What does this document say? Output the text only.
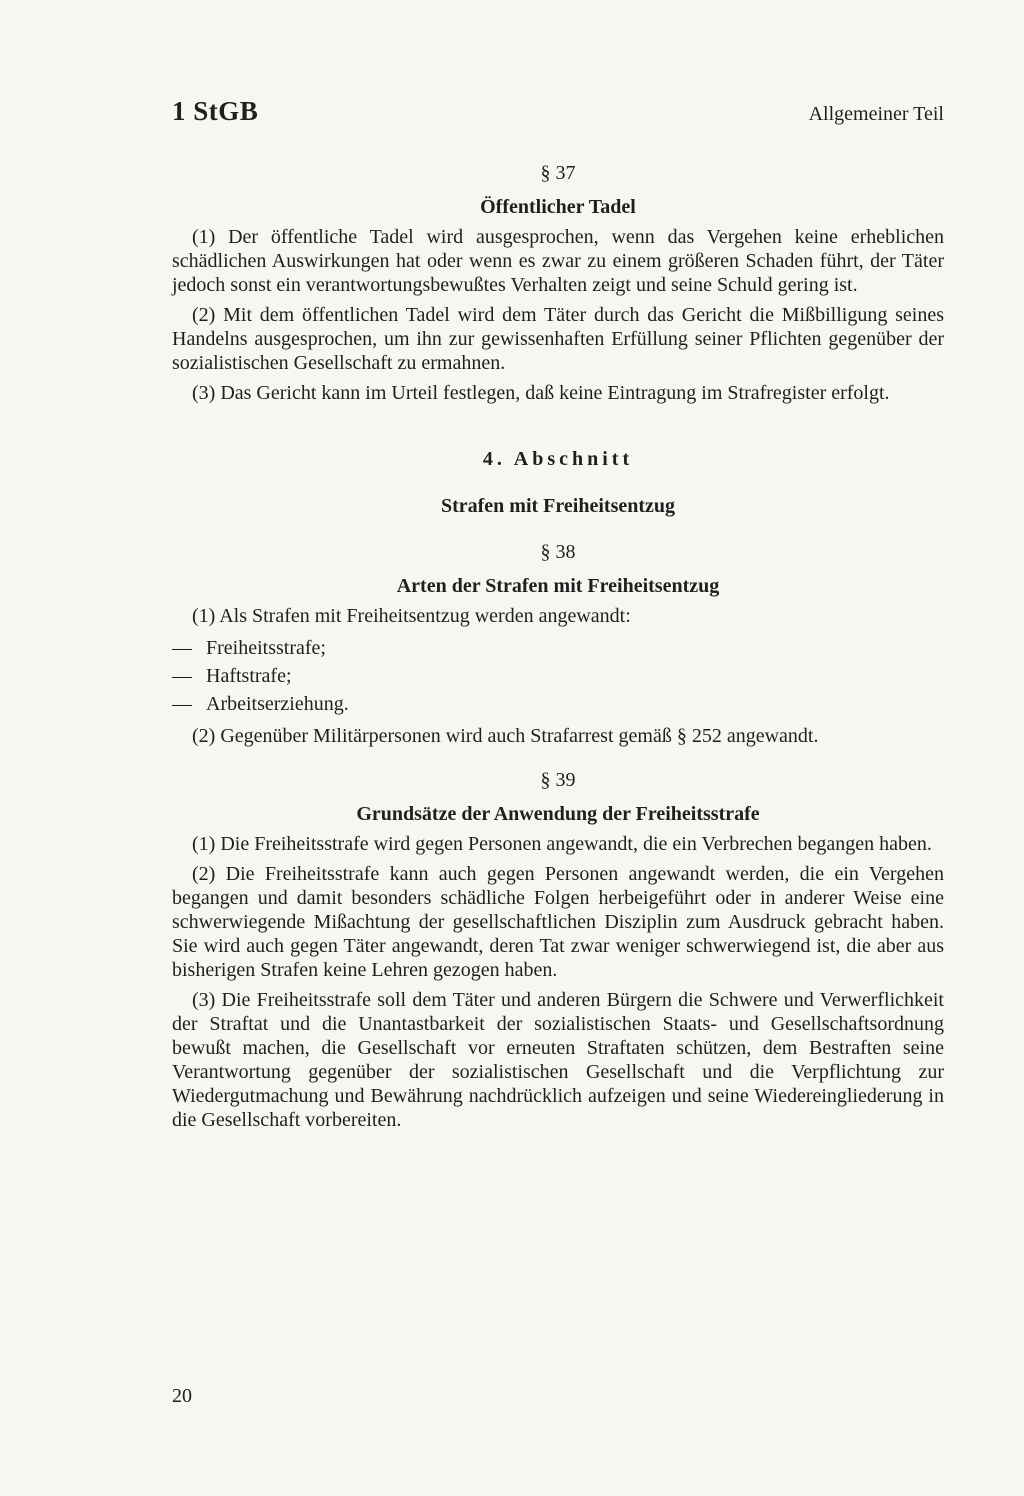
1 StGB	Allgemeiner Teil

§ 37

Öffentlicher Tadel

(1) Der öffentliche Tadel wird ausgesprochen, wenn das Vergehen keine erheblichen schädlichen Auswirkungen hat oder wenn es zwar zu einem größeren Schaden führt, der Täter jedoch sonst ein verantwortungsbewußtes Verhalten zeigt und seine Schuld gering ist.

(2) Mit dem öffentlichen Tadel wird dem Täter durch das Gericht die Mißbilligung seines Handelns ausgesprochen, um ihn zur gewissenhaften Erfüllung seiner Pflichten gegenüber der sozialistischen Gesellschaft zu ermahnen.

(3) Das Gericht kann im Urteil festlegen, daß keine Eintragung im Strafregister erfolgt.

4. Abschnitt

Strafen mit Freiheitsentzug

§ 38

Arten der Strafen mit Freiheitsentzug

(1) Als Strafen mit Freiheitsentzug werden angewandt:

— Freiheitsstrafe;
— Haftstrafe;
— Arbeitserziehung.

(2) Gegenüber Militärpersonen wird auch Strafarrest gemäß § 252 angewandt.

§ 39

Grundsätze der Anwendung der Freiheitsstrafe

(1) Die Freiheitsstrafe wird gegen Personen angewandt, die ein Verbrechen begangen haben.

(2) Die Freiheitsstrafe kann auch gegen Personen angewandt werden, die ein Vergehen begangen und damit besonders schädliche Folgen herbeigeführt oder in anderer Weise eine schwerwiegende Mißachtung der gesellschaftlichen Disziplin zum Ausdruck gebracht haben. Sie wird auch gegen Täter angewandt, deren Tat zwar weniger schwerwiegend ist, die aber aus bisherigen Strafen keine Lehren gezogen haben.

(3) Die Freiheitsstrafe soll dem Täter und anderen Bürgern die Schwere und Verwerflichkeit der Straftat und die Unantastbarkeit der sozialistischen Staats- und Gesellschaftsordnung bewußt machen, die Gesellschaft vor erneuten Straftaten schützen, dem Bestraften seine Verantwortung gegenüber der sozialistischen Gesellschaft und die Verpflichtung zur Wiedergutmachung und Bewährung nachdrücklich aufzeigen und seine Wiedereingliederung in die Gesellschaft vorbereiten.

20
